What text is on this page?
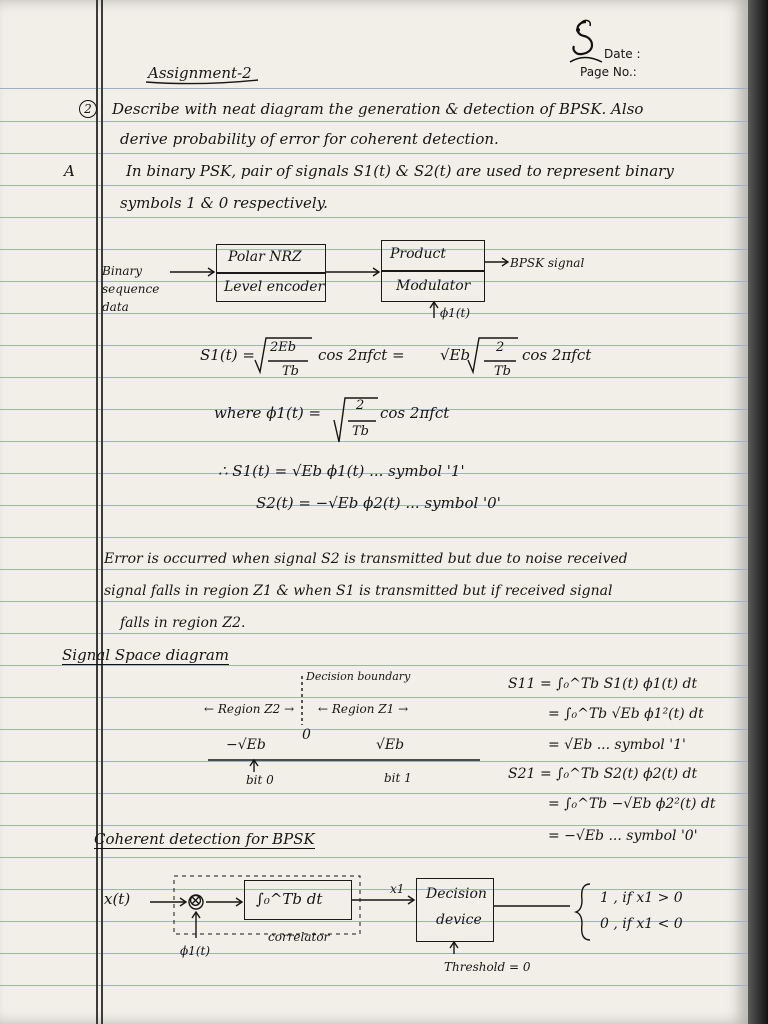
Date :
Page No.:
Assignment-2
2	Describe with neat diagram the generation & detection of BPSK. Also
derive probability of error for coherent detection.
A	In binary PSK, pair of signals S1(t) & S2(t) are used to represent binary
symbols 1 & 0 respectively.
Binary sequence data
Polar NRZ
Level encoder
Product
Modulator
BPSK signal
ϕ1(t)
S1(t) = 2Eb
Tb
cos 2πfct = √Eb 2
Tb
cos 2πfct
where ϕ1(t) =	2
Tb
cos 2πfct
∴ S1(t) = √Eb ϕ1(t) ... symbol '1'
S2(t) = −√Eb ϕ2(t) ... symbol '0'
Error is occurred when signal S2 is transmitted but due to noise received
signal falls in region Z1 & when S1 is transmitted but if received signal
falls in region Z2.
Signal Space diagram
Decision boundary
← Region Z2 → ← Region Z1 →
−√Eb
0
√Eb
bit 0	bit 1
S11 = ∫₀^Tb S1(t) ϕ1(t) dt
= ∫₀^Tb √Eb ϕ1²(t) dt
= √Eb ... symbol '1'
S21 = ∫₀^Tb S2(t) ϕ2(t) dt
= ∫₀^Tb −√Eb ϕ2²(t) dt
= −√Eb ... symbol '0'
Coherent detection for BPSK
x(t)	⊗	∫₀^Tb dt
correlator
x1 Decision
device
1 , if x1 > 0
0 , if x1 < 0
ϕ1(t)
Threshold = 0
